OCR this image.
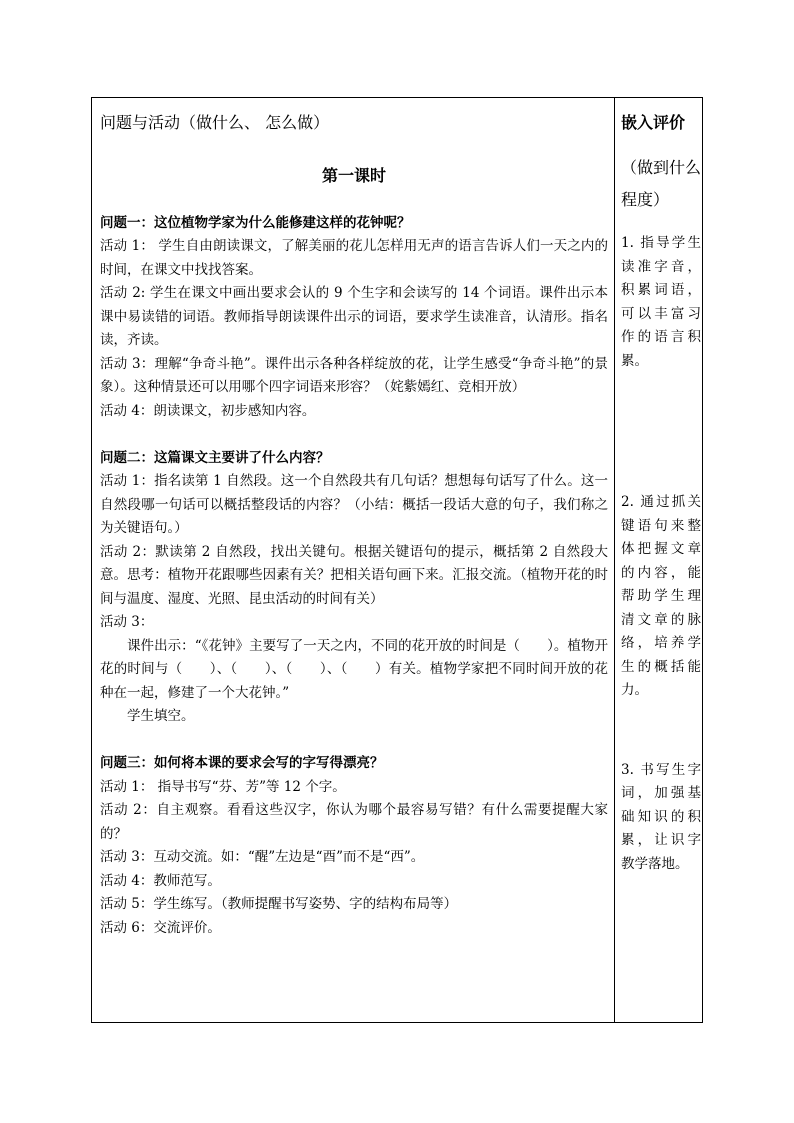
问题与活动（做什么、 怎么做）

第一课时

问题一：这位植物学家为什么能修建这样的花钟呢？

活动 1： 学生自由朗读课文，了解美丽的花儿怎样用无声的语言告诉人们一天之内的时间，在课文中找找答案。

活动 2: 学生在课文中画出要求会认的 9 个生字和会读写的 14 个词语。课件出示本课中易读错的词语。教师指导朗读课件出示的词语，要求学生读准音，认清形。指名读，齐读。

活动 3：理解“争奇斗艳”。课件出示各种各样绽放的花，让学生感受“争奇斗艳”的景象）。这种情景还可以用哪个四字词语来形容？（姹紫嫣红、竞相开放）

活动 4：朗读课文，初步感知内容。

问题二：这篇课文主要讲了什么内容？

活动 1：指名读第 1 自然段。这一个自然段共有几句话？想想每句话写了什么。这一自然段哪一句话可以概括整段话的内容？（小结：概括一段话大意的句子，我们称之为关键语句。）

活动 2：默读第 2 自然段，找出关键句。根据关键语句的提示，概括第 2 自然段大意。思考：植物开花跟哪些因素有关？把相关语句画下来。汇报交流。（植物开花的时间与温度、湿度、光照、昆虫活动的时间有关）

活动 3：

课件出示：“《花钟》主要写了一天之内，不同的花开放的时间是（　　）。植物开花的时间与（　　）、（　　）、（　　）、（　　）有关。植物学家把不同时间开放的花种在一起，修建了一个大花钟。”

学生填空。

问题三：如何将本课的要求会写的字写得漂亮？

活动 1： 指导书写“芬、芳”等 12 个字。

活动 2：自主观察。看看这些汉字，你认为哪个最容易写错？有什么需要提醒大家的？

活动 3：互动交流。如：“醒”左边是“酉”而不是“西”。

活动 4：教师范写。

活动 5：学生练写。（教师提醒书写姿势、字的结构布局等）

活动 6：交流评价。

嵌入评价

（做到什么程度）

1. 指导学生读准字音，积累词语，可以丰富习作的语言积累。

2. 通过抓关键语句来整体把握文章的内容，能帮助学生理清文章的脉络，培养学生的概括能力。

3. 书写生字词，加强基础知识的积累，让识字教学落地。
